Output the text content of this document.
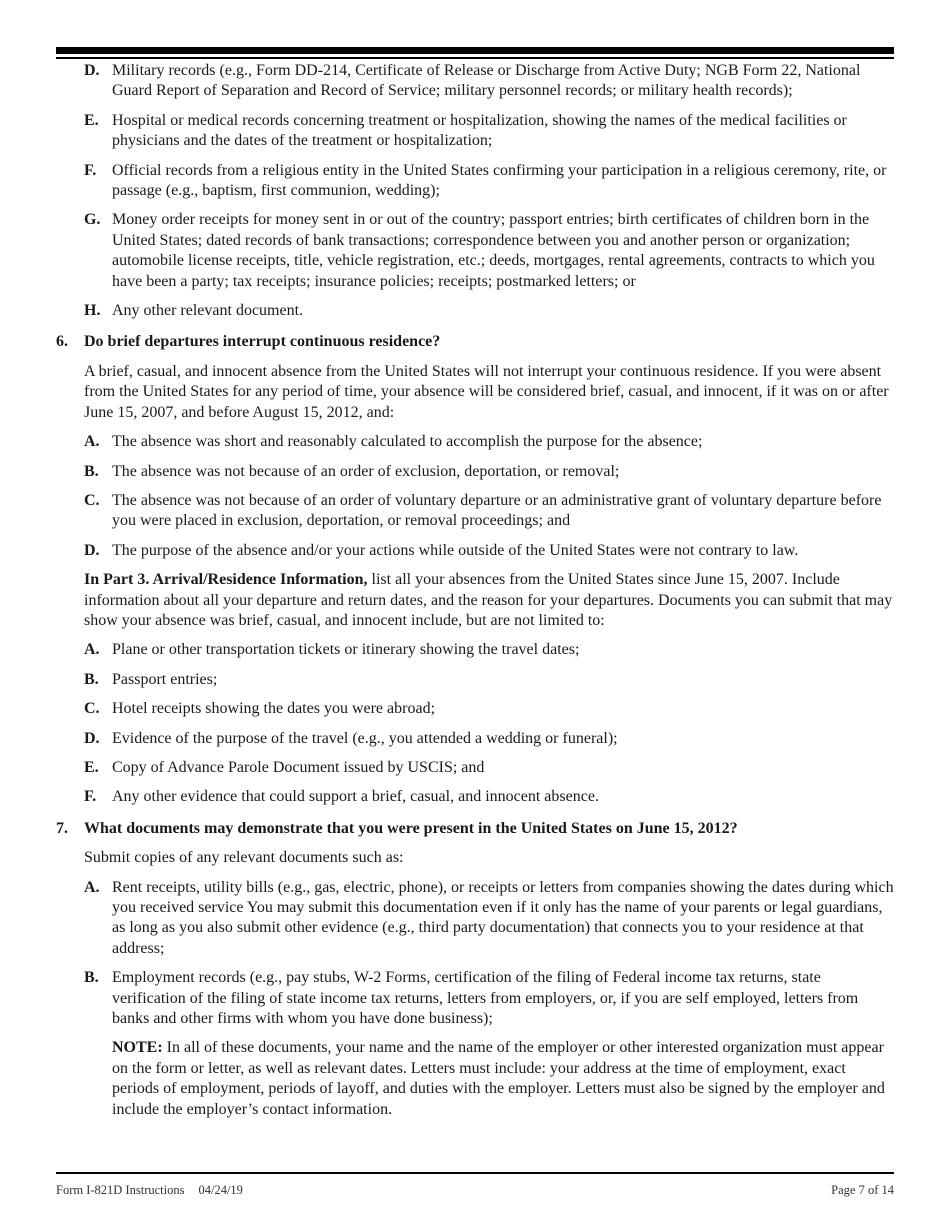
D. Military records (e.g., Form DD-214, Certificate of Release or Discharge from Active Duty; NGB Form 22, National Guard Report of Separation and Record of Service; military personnel records; or military health records);
E. Hospital or medical records concerning treatment or hospitalization, showing the names of the medical facilities or physicians and the dates of the treatment or hospitalization;
F. Official records from a religious entity in the United States confirming your participation in a religious ceremony, rite, or passage (e.g., baptism, first communion, wedding);
G. Money order receipts for money sent in or out of the country; passport entries; birth certificates of children born in the United States; dated records of bank transactions; correspondence between you and another person or organization; automobile license receipts, title, vehicle registration, etc.; deeds, mortgages, rental agreements, contracts to which you have been a party; tax receipts; insurance policies; receipts; postmarked letters; or
H. Any other relevant document.
6. Do brief departures interrupt continuous residence?
A brief, casual, and innocent absence from the United States will not interrupt your continuous residence. If you were absent from the United States for any period of time, your absence will be considered brief, casual, and innocent, if it was on or after June 15, 2007, and before August 15, 2012, and:
A. The absence was short and reasonably calculated to accomplish the purpose for the absence;
B. The absence was not because of an order of exclusion, deportation, or removal;
C. The absence was not because of an order of voluntary departure or an administrative grant of voluntary departure before you were placed in exclusion, deportation, or removal proceedings; and
D. The purpose of the absence and/or your actions while outside of the United States were not contrary to law.
In Part 3. Arrival/Residence Information, list all your absences from the United States since June 15, 2007. Include information about all your departure and return dates, and the reason for your departures. Documents you can submit that may show your absence was brief, casual, and innocent include, but are not limited to:
A. Plane or other transportation tickets or itinerary showing the travel dates;
B. Passport entries;
C. Hotel receipts showing the dates you were abroad;
D. Evidence of the purpose of the travel (e.g., you attended a wedding or funeral);
E. Copy of Advance Parole Document issued by USCIS; and
F. Any other evidence that could support a brief, casual, and innocent absence.
7. What documents may demonstrate that you were present in the United States on June 15, 2012?
Submit copies of any relevant documents such as:
A. Rent receipts, utility bills (e.g., gas, electric, phone), or receipts or letters from companies showing the dates during which you received service You may submit this documentation even if it only has the name of your parents or legal guardians, as long as you also submit other evidence (e.g., third party documentation) that connects you to your residence at that address;
B. Employment records (e.g., pay stubs, W-2 Forms, certification of the filing of Federal income tax returns, state verification of the filing of state income tax returns, letters from employers, or, if you are self employed, letters from banks and other firms with whom you have done business);
NOTE: In all of these documents, your name and the name of the employer or other interested organization must appear on the form or letter, as well as relevant dates. Letters must include: your address at the time of employment, exact periods of employment, periods of layoff, and duties with the employer. Letters must also be signed by the employer and include the employer’s contact information.
Form I-821D Instructions 04/24/19	Page 7 of 14
